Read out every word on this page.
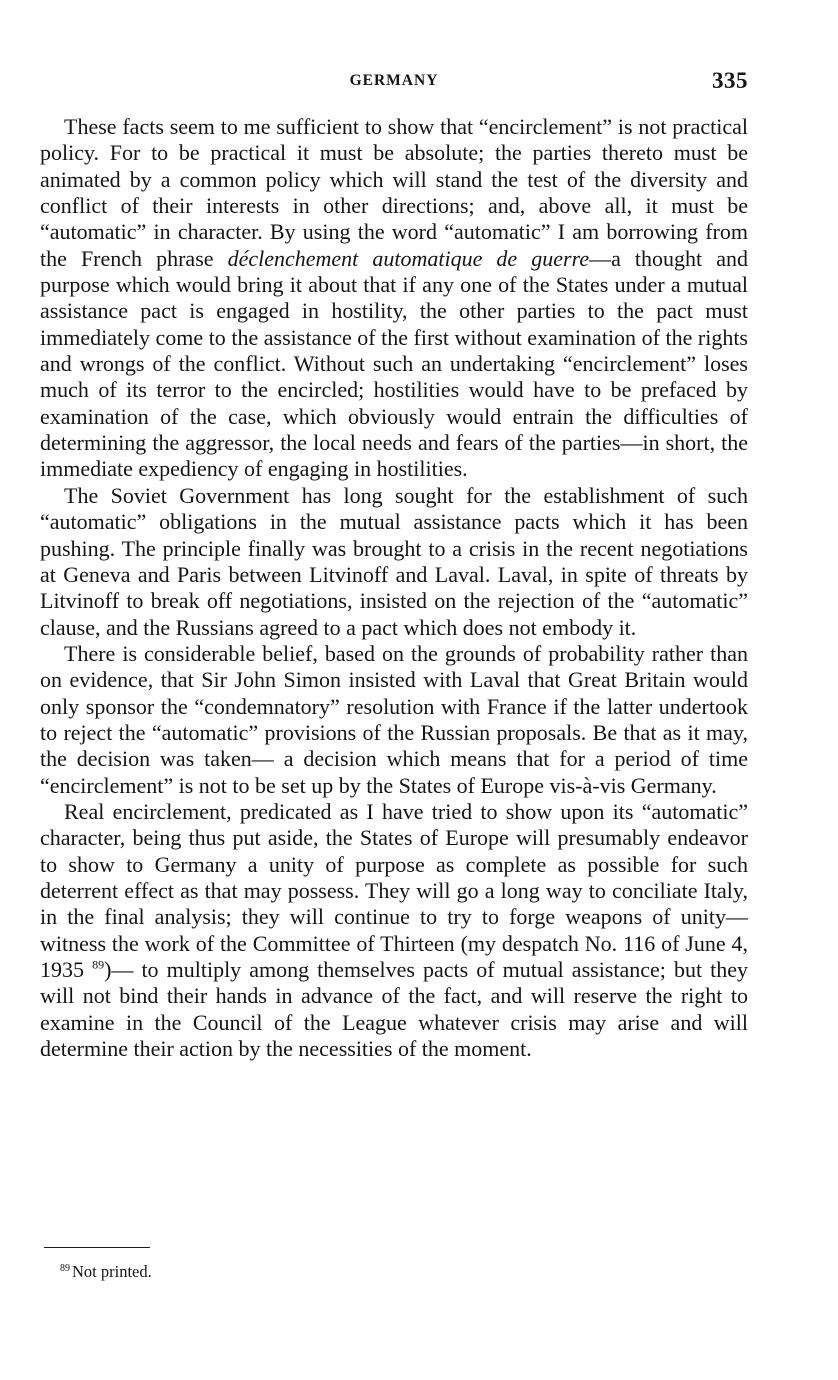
GERMANY	335

These facts seem to me sufficient to show that “encirclement” is not practical policy. For to be practical it must be absolute; the parties thereto must be animated by a common policy which will stand the test of the diversity and conflict of their interests in other directions; and, above all, it must be “automatic” in character. By using the word “automatic” I am borrowing from the French phrase déclenchement automatique de guerre—a thought and purpose which would bring it about that if any one of the States under a mutual assistance pact is engaged in hostility, the other parties to the pact must immediately come to the assistance of the first without examination of the rights and wrongs of the conflict. Without such an undertaking “encirclement” loses much of its terror to the encircled; hostilities would have to be prefaced by examination of the case, which obviously would entrain the difficulties of determining the aggressor, the local needs and fears of the parties—in short, the immediate expediency of engaging in hostilities.

The Soviet Government has long sought for the establishment of such “automatic” obligations in the mutual assistance pacts which it has been pushing. The principle finally was brought to a crisis in the recent negotiations at Geneva and Paris between Litvinoff and Laval. Laval, in spite of threats by Litvinoff to break off negotiations, insisted on the rejection of the “automatic” clause, and the Russians agreed to a pact which does not embody it.

There is considerable belief, based on the grounds of probability rather than on evidence, that Sir John Simon insisted with Laval that Great Britain would only sponsor the “condemnatory” resolution with France if the latter undertook to reject the “automatic” provisions of the Russian proposals. Be that as it may, the decision was taken— a decision which means that for a period of time “encirclement” is not to be set up by the States of Europe vis-à-vis Germany.

Real encirclement, predicated as I have tried to show upon its “automatic” character, being thus put aside, the States of Europe will presumably endeavor to show to Germany a unity of purpose as complete as possible for such deterrent effect as that may possess. They will go a long way to conciliate Italy, in the final analysis; they will continue to try to forge weapons of unity—witness the work of the Committee of Thirteen (my despatch No. 116 of June 4, 1935 $^{89}$)— to multiply among themselves pacts of mutual assistance; but they will not bind their hands in advance of the fact, and will reserve the right to examine in the Council of the League whatever crisis may arise and will determine their action by the necessities of the moment.

$^{89}$ Not printed.
